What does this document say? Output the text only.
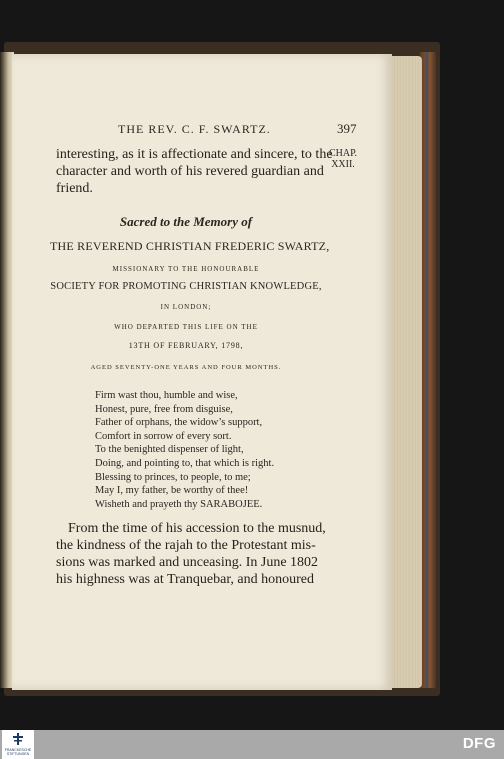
THE REV. C. F. SWARTZ.	397
CHAP.
XXII.
interesting, as it is affectionate and sincere, to the
character and worth of his revered guardian and
friend.
Sacred to the Memory of
THE REVEREND CHRISTIAN FREDERIC SWARTZ,
MISSIONARY TO THE HONOURABLE
SOCIETY FOR PROMOTING CHRISTIAN KNOWLEDGE,
IN LONDON;
WHO DEPARTED THIS LIFE ON THE
13TH OF FEBRUARY, 1798,
AGED SEVENTY-ONE YEARS AND FOUR MONTHS.
Firm wast thou, humble and wise,
Honest, pure, free from disguise,
Father of orphans, the widow’s support,
Comfort in sorrow of every sort.
To the benighted dispenser of light,
Doing, and pointing to, that which is right.
Blessing to princes, to people, to me;
May I, my father, be worthy of thee!
Wisheth and prayeth thy SARABOJEE.
From the time of his accession to the musnud,
the kindness of the rajah to the Protestant mis-
sions was marked and unceasing. In June 1802
his highness was at Tranquebar, and honoured
FRANCKESCHE STIFTUNGEN
DFG
